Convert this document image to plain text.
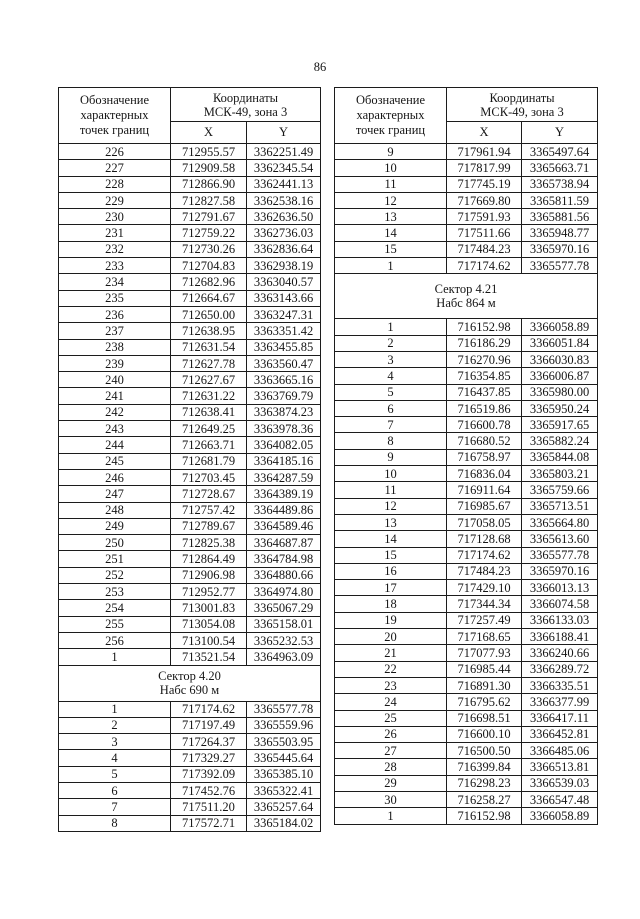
86
Обозначение
характерных
точек границ
Координаты
МСК-49, зона 3
X	Y
226	712955.57	3362251.49
227	712909.58	3362345.54
228	712866.90	3362441.13
229	712827.58	3362538.16
230	712791.67	3362636.50
231	712759.22	3362736.03
232	712730.26	3362836.64
233	712704.83	3362938.19
234	712682.96	3363040.57
235	712664.67	3363143.66
236	712650.00	3363247.31
237	712638.95	3363351.42
238	712631.54	3363455.85
239	712627.78	3363560.47
240	712627.67	3363665.16
241	712631.22	3363769.79
242	712638.41	3363874.23
243	712649.25	3363978.36
244	712663.71	3364082.05
245	712681.79	3364185.16
246	712703.45	3364287.59
247	712728.67	3364389.19
248	712757.42	3364489.86
249	712789.67	3364589.46
250	712825.38	3364687.87
251	712864.49	3364784.98
252	712906.98	3364880.66
253	712952.77	3364974.80
254	713001.83	3365067.29
255	713054.08	3365158.01
256	713100.54	3365232.53
1	713521.54	3364963.09
Сектор 4.20
Набс 690 м
1	717174.62	3365577.78
2	717197.49	3365559.96
3	717264.37	3365503.95
4	717329.27	3365445.64
5	717392.09	3365385.10
6	717452.76	3365322.41
7	717511.20	3365257.64
8	717572.71	3365184.02
Обозначение
характерных
точек границ
Координаты
МСК-49, зона 3
X	Y
9	717961.94	3365497.64
10	717817.99	3365663.71
11	717745.19	3365738.94
12	717669.80	3365811.59
13	717591.93	3365881.56
14	717511.66	3365948.77
15	717484.23	3365970.16
1	717174.62	3365577.78
Сектор 4.21
Набс 864 м
1	716152.98	3366058.89
2	716186.29	3366051.84
3	716270.96	3366030.83
4	716354.85	3366006.87
5	716437.85	3365980.00
6	716519.86	3365950.24
7	716600.78	3365917.65
8	716680.52	3365882.24
9	716758.97	3365844.08
10	716836.04	3365803.21
11	716911.64	3365759.66
12	716985.67	3365713.51
13	717058.05	3365664.80
14	717128.68	3365613.60
15	717174.62	3365577.78
16	717484.23	3365970.16
17	717429.10	3366013.13
18	717344.34	3366074.58
19	717257.49	3366133.03
20	717168.65	3366188.41
21	717077.93	3366240.66
22	716985.44	3366289.72
23	716891.30	3366335.51
24	716795.62	3366377.99
25	716698.51	3366417.11
26	716600.10	3366452.81
27	716500.50	3366485.06
28	716399.84	3366513.81
29	716298.23	3366539.03
30	716258.27	3366547.48
1	716152.98	3366058.89
